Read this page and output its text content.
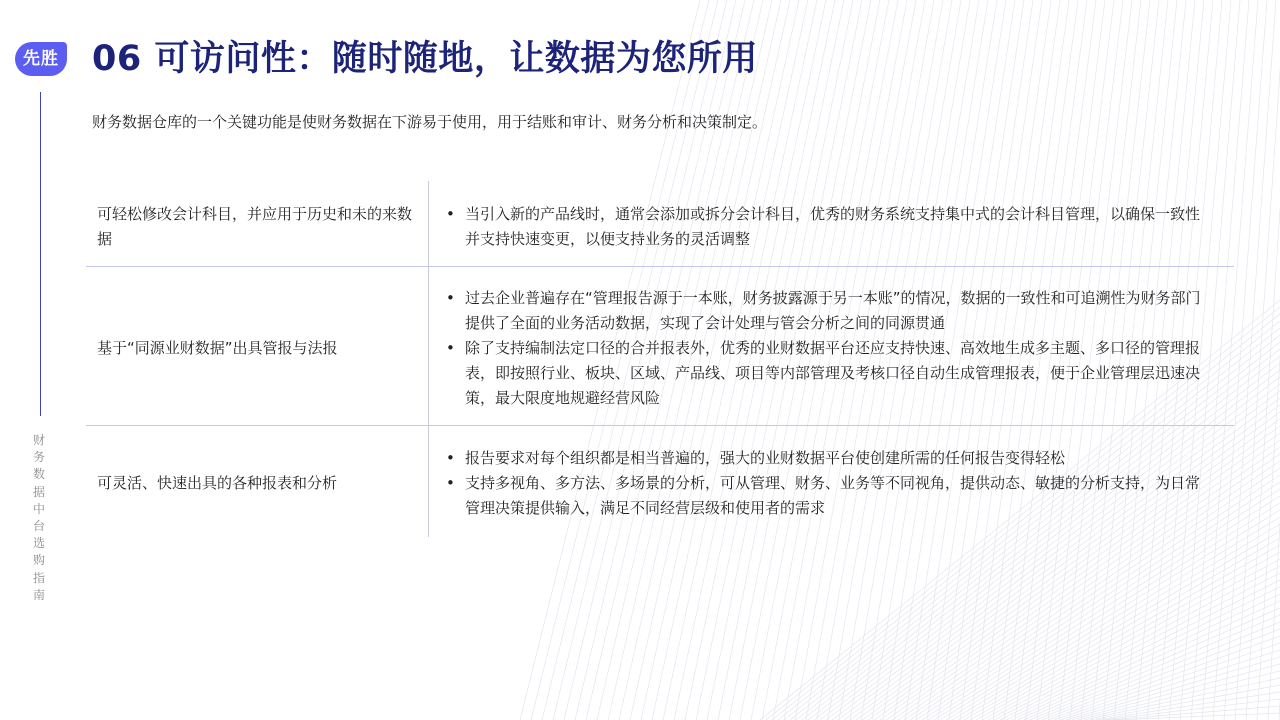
先胜
财务数据中台选购指南
06 可访问性：随时随地，让数据为您所用

财务数据仓库的一个关键功能是使财务数据在下游易于使用，用于结账和审计、财务分析和决策制定。

可轻松修改会计科目，并应用于历史和未的来数据
• 当引入新的产品线时，通常会添加或拆分会计科目，优秀的财务系统支持集中式的会计科目管理，以确保一致性并支持快速变更，以便支持业务的灵活调整
基于“同源业财数据”出具管报与法报
• 过去企业普遍存在“管理报告源于一本账，财务披露源于另一本账”的情况，数据的一致性和可追溯性为财务部门提供了全面的业务活动数据，实现了会计处理与管会分析之间的同源贯通
• 除了支持编制法定口径的合并报表外，优秀的业财数据平台还应支持快速、高效地生成多主题、多口径的管理报表，即按照行业、板块、区域、产品线、项目等内部管理及考核口径自动生成管理报表，便于企业管理层迅速决策，最大限度地规避经营风险
可灵活、快速出具的各种报表和分析
• 报告要求对每个组织都是相当普遍的，强大的业财数据平台使创建所需的任何报告变得轻松
• 支持多视角、多方法、多场景的分析，可从管理、财务、业务等不同视角，提供动态、敏捷的分析支持，为日常管理决策提供输入，满足不同经营层级和使用者的需求
